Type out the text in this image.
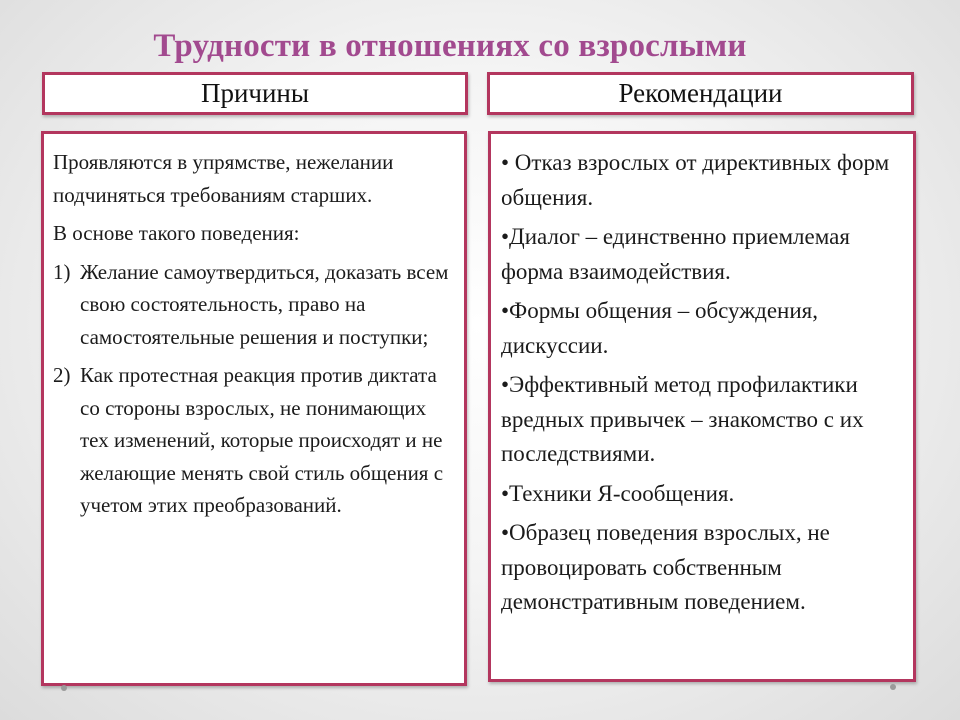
Трудности в отношениях со взрослыми
Причины	Рекомендации

Проявляются в упрямстве, нежелании подчиняться требованиям старших.

В основе такого поведения:

1) Желание самоутвердиться, доказать всем свою состоятельность, право на самостоятельные решения и поступки;
2) Как протестная реакция против диктата со стороны взрослых, не понимающих тех изменений, которые происходят и не желающие менять свой стиль общения с учетом этих преобразований.
• Отказ взрослых от директивных форм общения.
•Диалог – единственно приемлемая форма взаимодействия.
•Формы общения – обсуждения, дискуссии.
•Эффективный метод профилактики вредных привычек – знакомство с их последствиями.
•Техники Я-сообщения.
•Образец поведения взрослых, не провоцировать собственным демонстративным поведением.
